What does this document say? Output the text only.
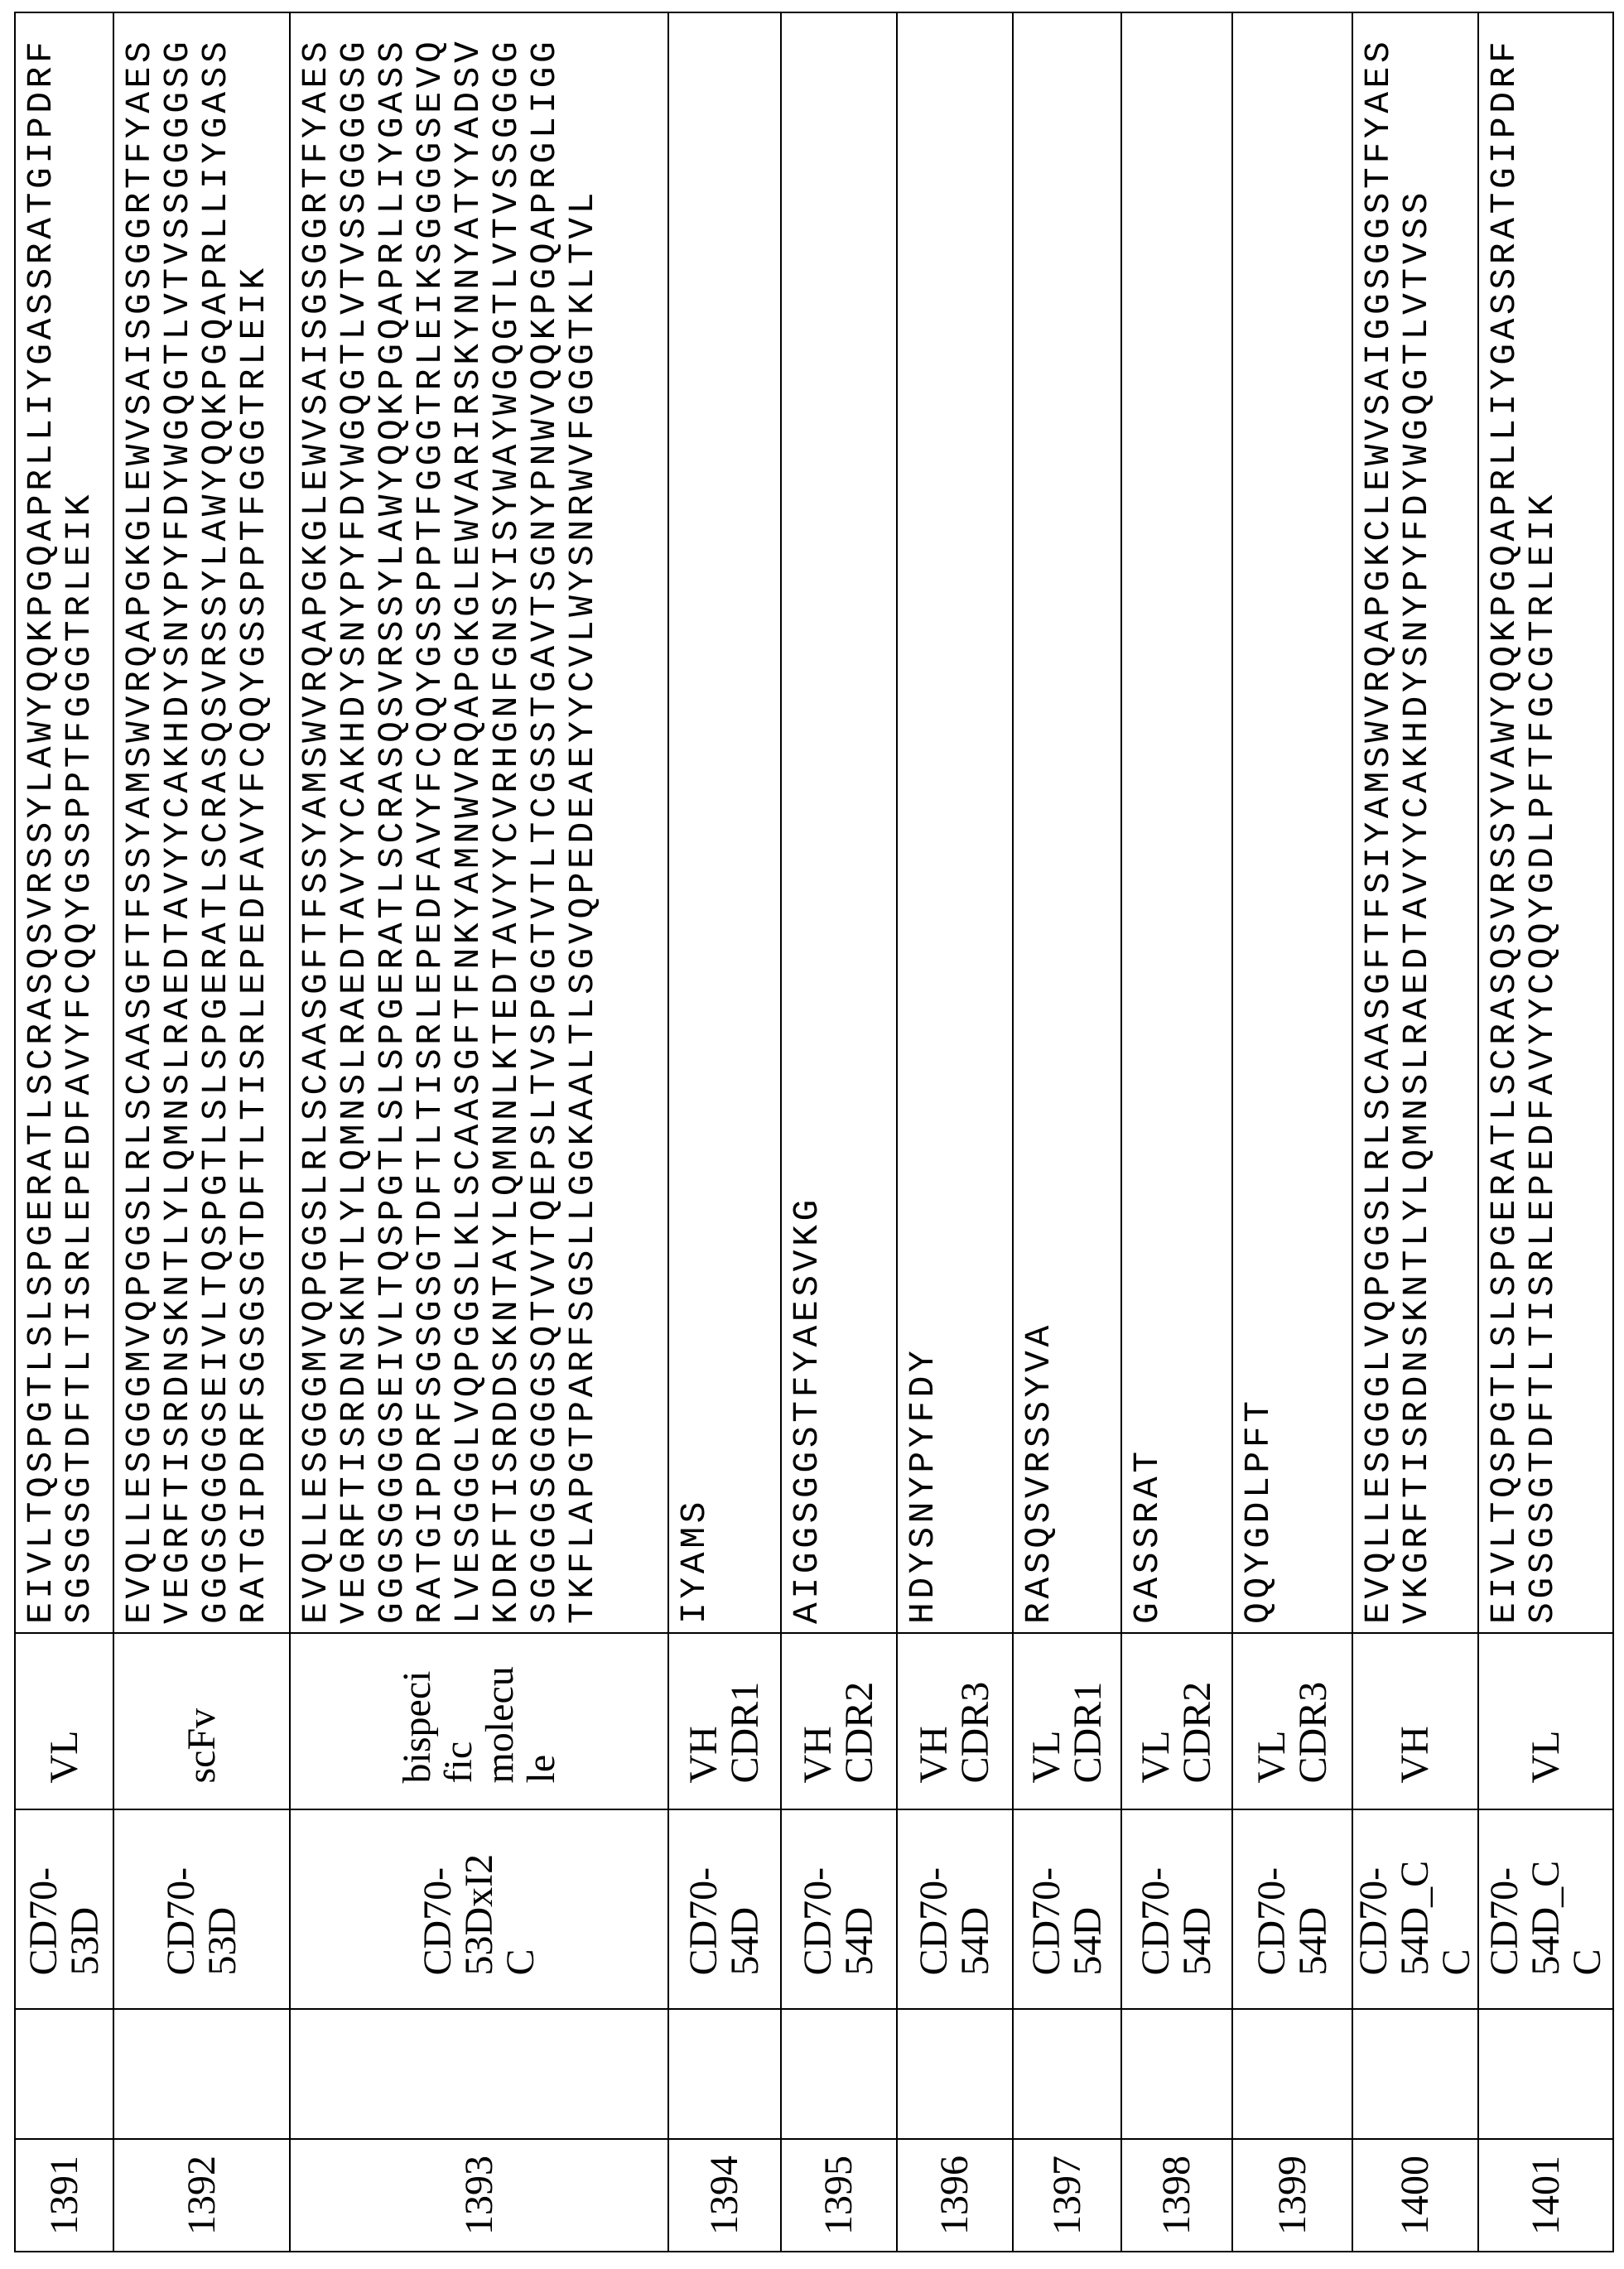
1391

CD70-53D

VL

EIVLTQSPGTLSLSPGERATLSCRASQSVRSSYLAWYQQKPGQAPRLLIYGASSRATGIPDRF
SGSGSGTDFTLTISRLEPEDFAVYFCQQYGSSPPTFGGGTRLEIK

1392

CD70-53D

scFv

EVQLLESGGGMVQPGGSLRLSCAASGFTFSSYAMSWVRQAPGKGLEWVSAISGSGGRTFYAES
VEGRFTISRDNSKNTLYLQMNSLRAEDTAVYYCAKHDYSNYPYFDYWGQGTLVTVSSGGGGSG
GGGSGGGGSEIVLTQSPGTLSLSPGERATLSCRASQSVRSSYLAWYQQKPGQAPRLLIYGASS
RATGIPDRFSGSGSGTDFTLTISRLEPEDFAVYFCQQYGSSPPTFGGGTRLEIK

1393

CD70-53DxI2C

bispecific molecule

EVQLLESGGGMVQPGGSLRLSCAASGFTFSSYAMSWVRQAPGKGLEWVSAISGSGGRTFYAES
VEGRFTISRDNSKNTLYLQMNSLRAEDTAVYYCAKHDYSNYPYFDYWGQGTLVTVSSGGGGSG
GGGSGGGGSEIVLTQSPGTLSLSPGERATLSCRASQSVRSSYLAWYQQKPGQAPRLLIYGASS
RATGIPDRFSGSGSGTDFTLTISRLEPEDFAVYFCQQYGSSPPTFGGGTRLEIKSGGGGSEVQ
LVESGGGLVQPGGSLKLSCAASGFTFNKYAMNWVRQAPGKGLEWVARIRSKYNNYATYYADSV
KDRFTISRDDSKNTAYLQMNNLKTEDTAVYYCVRHGNFGNSYISYWAYWGQGTLVTVSSGGGG
SGGGGSGGGGSQTVVTQEPSLTVSPGGTVTLTCGSSTGAVTSGNYPNWVQQKPGQAPRGLIGG
TKFLAPGTPARFSGSLLGGKAALTLSGVQPEDEAEYYCVLWYSNRWVFGGGTKLTVL

1394

CD70-54D

VH CDR1

IYAMS

1395

CD70-54D

VH CDR2

AIGGSGGSTFYAESVKG

1396

CD70-54D

VH CDR3

HDYSNYPYFDY

1397

CD70-54D

VL CDR1

RASQSVRSSYVA

1398

CD70-54D

VL CDR2

GASSRAT

1399

CD70-54D

VL CDR3

QQYGDLPFT

1400

CD70-54D_CC

VH

EVQLLESGGGLVQPGGSLRLSCAASGFTFSIYAMSWVRQAPGKCLEWVSAIGGSGGSTFYAES
VKGRFTISRDNSKNTLYLQMNSLRAEDTAVYYCAKHDYSNYPYFDYWGQGTLVTVSS

1401

CD70-54D_CC

VL

EIVLTQSPGTLSLSPGERATLSCRASQSVRSSYVAWYQQKPGQAPRLLIYGASSRATGIPDRF
SGSGSGTDFTLTISRLEPEDFAVYYCQQYGDLPFTFGCGTRLEIK
